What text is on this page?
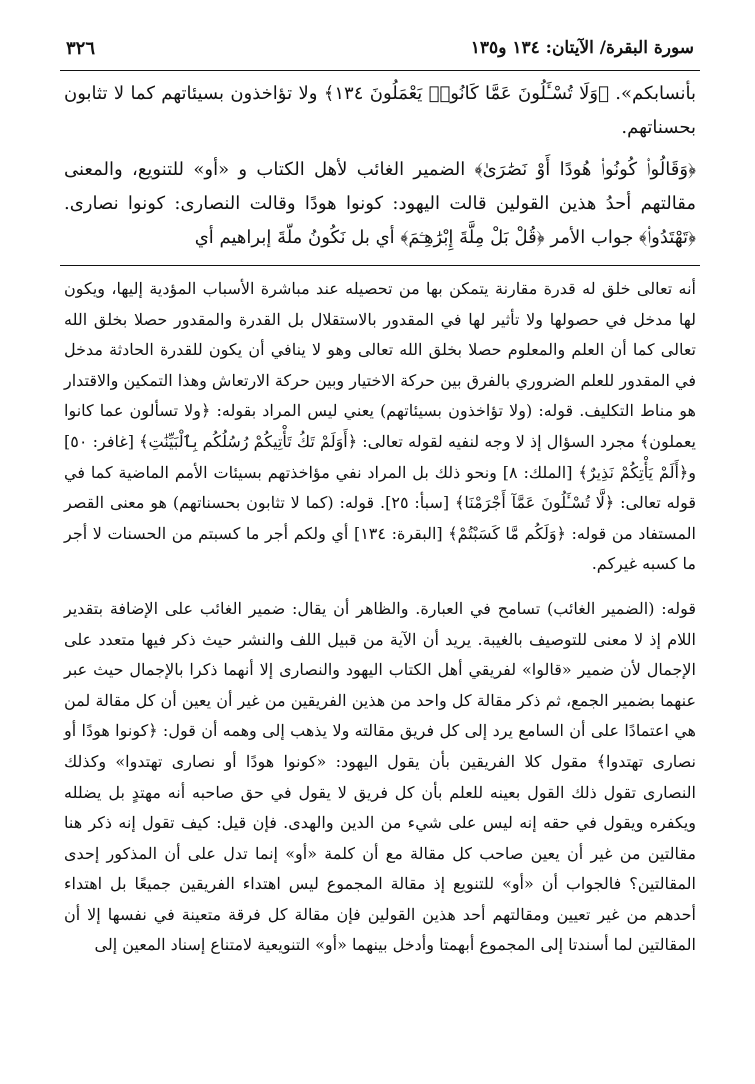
سورة البقرة/ الآيتان: ١٣٤ و١٣٥
٣٢٦

بأنسابكم». ﴿وَلَا تُسْـَٔلُونَ عَمَّا كَانُوا۟ يَعْمَلُونَ ١٣٤﴾ ولا تؤاخذون بسيئاتهم كما لا تثابون بحسناتهم.

﴿وَقَالُوا۟ كُونُوا۟ هُودًا أَوْ نَصَٰرَىٰ﴾ الضمير الغائب لأهل الكتاب و «أو» للتنويع، والمعنى مقالتهم أحدُ هذين القولين قالت اليهود: كونوا هودًا وقالت النصارى: كونوا نصارى. ﴿تَهْتَدُوا۟﴾ جواب الأمر ﴿قُلْ بَلْ مِلَّةَ إِبْرَٰهِـۧمَ﴾ أي بل نَكُونُ ملّةَ إبراهيم أي

أنه تعالى خلق له قدرة مقارنة يتمكن بها من تحصيله عند مباشرة الأسباب المؤدية إليها، ويكون لها مدخل في حصولها ولا تأثير لها في المقدور بالاستقلال بل القدرة والمقدور حصلا بخلق الله تعالى كما أن العلم والمعلوم حصلا بخلق الله تعالى وهو لا ينافي أن يكون للقدرة الحادثة مدخل في المقدور للعلم الضروري بالفرق بين حركة الاختيار وبين حركة الارتعاش وهذا التمكين والاقتدار هو مناط التكليف. قوله: (ولا تؤاخذون بسيئاتهم) يعني ليس المراد بقوله: ﴿ولا تسألون عما كانوا يعملون﴾ مجرد السؤال إذ لا وجه لنفيه لقوله تعالى: ﴿أَوَلَمْ تَكُ تَأْتِيكُمْ رُسُلُكُم بِٱلْبَيِّنَٰتِ﴾ [غافر: ٥٠] و﴿أَلَمْ يَأْتِكُمْ نَذِيرٌ﴾ [الملك: ٨] ونحو ذلك بل المراد نفي مؤاخذتهم بسيئات الأمم الماضية كما في قوله تعالى: ﴿لَّا تُسْـَٔلُونَ عَمَّآ أَجْرَمْنَا﴾ [سبأ: ٢٥]. قوله: (كما لا تثابون بحسناتهم) هو معنى القصر المستفاد من قوله: ﴿وَلَكُم مَّا كَسَبْتُمْ﴾ [البقرة: ١٣٤] أي ولكم أجر ما كسبتم من الحسنات لا أجر ما كسبه غيركم.

قوله: (الضمير الغائب) تسامح في العبارة. والظاهر أن يقال: ضمير الغائب على الإضافة بتقدير اللام إذ لا معنى للتوصيف بالغيبة. يريد أن الآية من قبيل اللف والنشر حيث ذكر فيها متعدد على الإجمال لأن ضمير «قالوا» لفريقي أهل الكتاب اليهود والنصارى إلا أنهما ذكرا بالإجمال حيث عبر عنهما بضمير الجمع، ثم ذكر مقالة كل واحد من هذين الفريقين من غير أن يعين أن كل مقالة لمن هي اعتمادًا على أن السامع يرد إلى كل فريق مقالته ولا يذهب إلى وهمه أن قول: ﴿كونوا هودًا أو نصارى تهتدوا﴾ مقول كلا الفريقين بأن يقول اليهود: «كونوا هودًا أو نصارى تهتدوا» وكذلك النصارى تقول ذلك القول بعينه للعلم بأن كل فريق لا يقول في حق صاحبه أنه مهتدٍ بل يضلله ويكفره ويقول في حقه إنه ليس على شيء من الدين والهدى. فإن قيل: كيف تقول إنه ذكر هنا مقالتين من غير أن يعين صاحب كل مقالة مع أن كلمة «أو» إنما تدل على أن المذكور إحدى المقالتين؟ فالجواب أن «أو» للتنويع إذ مقالة المجموع ليس اهتداء الفريقين جميعًا بل اهتداء أحدهم من غير تعيين ومقالتهم أحد هذين القولين فإن مقالة كل فرقة متعينة في نفسها إلا أن المقالتين لما أسندتا إلى المجموع أبهمتا وأدخل بينهما «أو» التنويعية لامتناع إسناد المعين إلى
